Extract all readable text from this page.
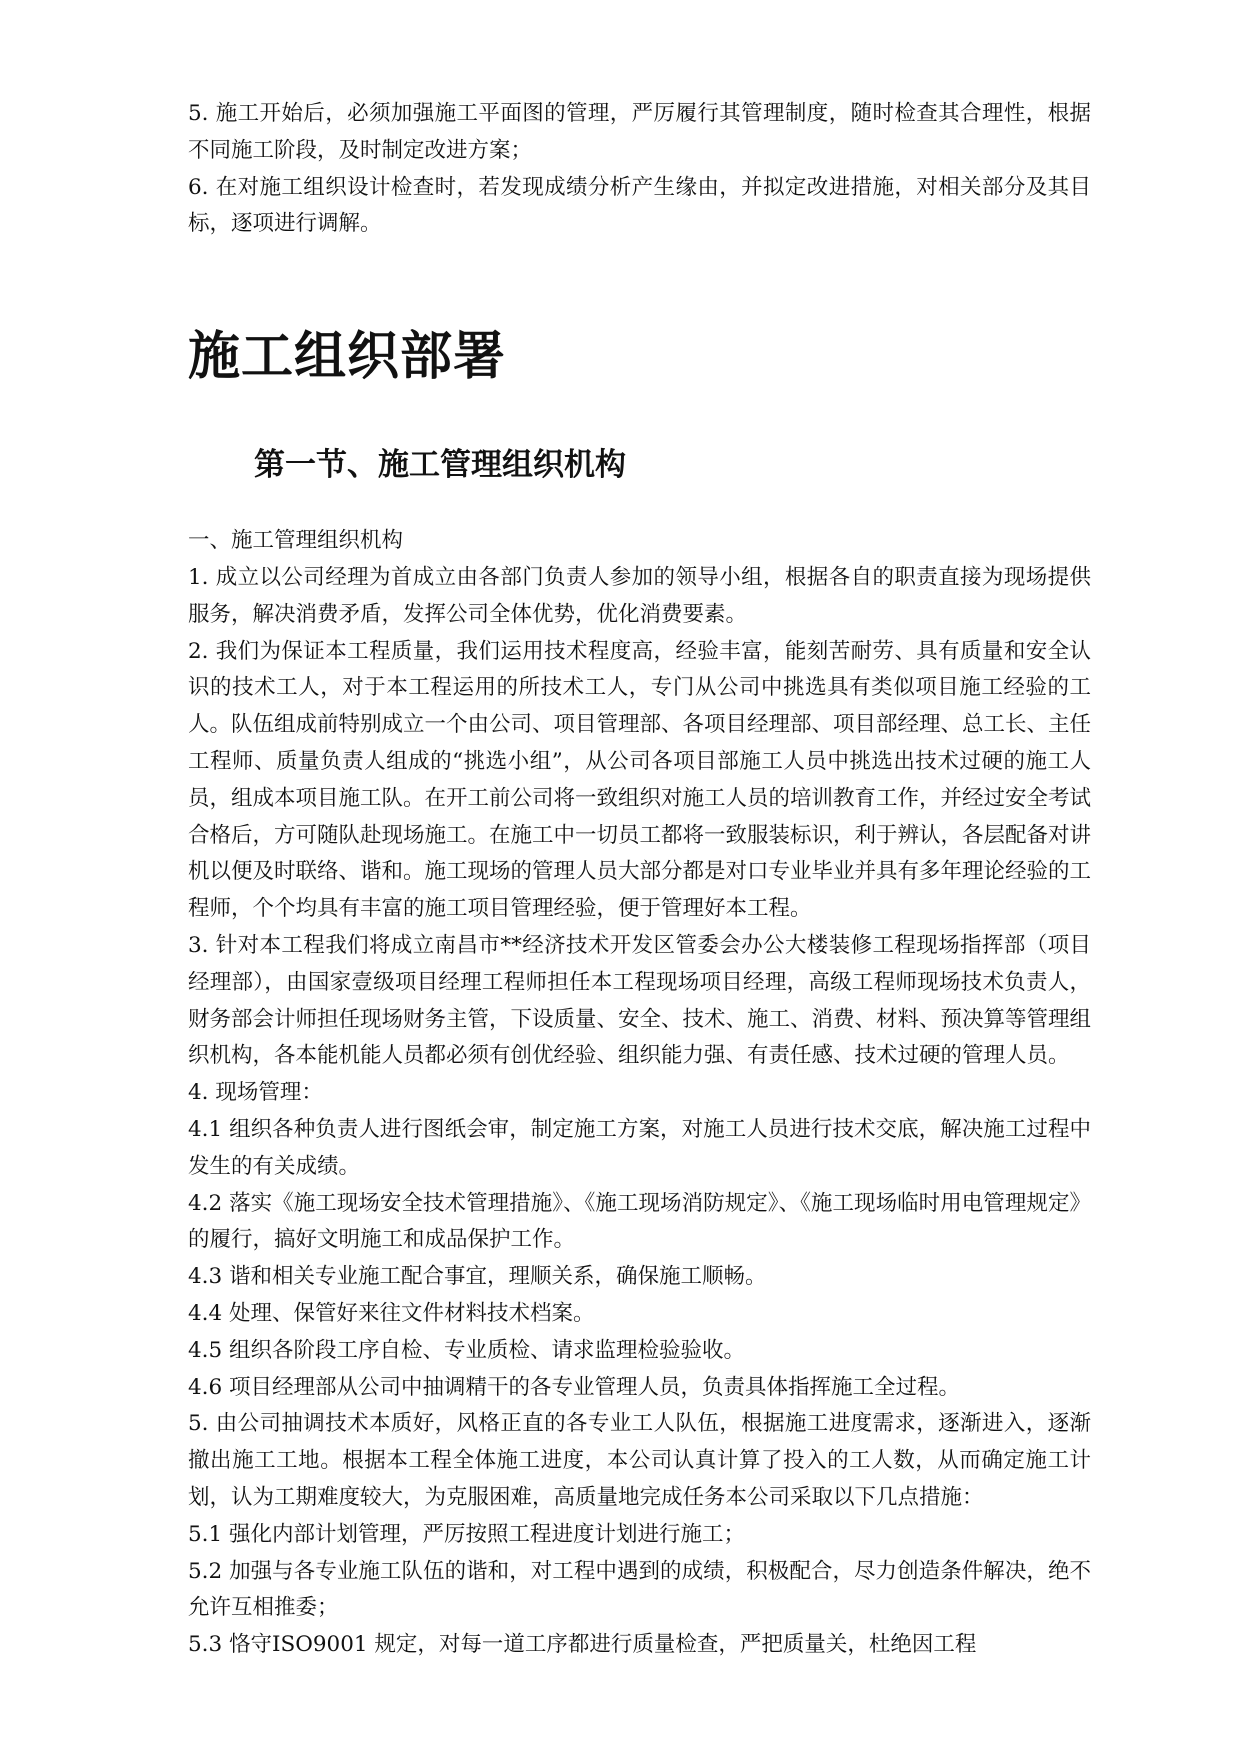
5. 施工开始后，必须加强施工平面图的管理，严厉履行其管理制度，随时检查其合理性，根据不同施工阶段，及时制定改进方案；

6. 在对施工组织设计检查时，若发现成绩分析产生缘由，并拟定改进措施，对相关部分及其目标，逐项进行调解。

施工组织部署
第一节、施工管理组织机构

一、施工管理组织机构

1. 成立以公司经理为首成立由各部门负责人参加的领导小组，根据各自的职责直接为现场提供服务，解决消费矛盾，发挥公司全体优势，优化消费要素。

2. 我们为保证本工程质量，我们运用技术程度高，经验丰富，能刻苦耐劳、具有质量和安全认识的技术工人，对于本工程运用的所技术工人，专门从公司中挑选具有类似项目施工经验的工人。队伍组成前特别成立一个由公司、项目管理部、各项目经理部、项目部经理、总工长、主任工程师、质量负责人组成的“挑选小组”，从公司各项目部施工人员中挑选出技术过硬的施工人员，组成本项目施工队。在开工前公司将一致组织对施工人员的培训教育工作，并经过安全考试合格后，方可随队赴现场施工。在施工中一切员工都将一致服装标识，利于辨认，各层配备对讲机以便及时联络、谐和。施工现场的管理人员大部分都是对口专业毕业并具有多年理论经验的工程师，个个均具有丰富的施工项目管理经验，便于管理好本工程。

3. 针对本工程我们将成立南昌市**经济技术开发区管委会办公大楼装修工程现场指挥部（项目经理部），由国家壹级项目经理工程师担任本工程现场项目经理，高级工程师现场技术负责人，财务部会计师担任现场财务主管，下设质量、安全、技术、施工、消费、材料、预决算等管理组织机构，各本能机能人员都必须有创优经验、组织能力强、有责任感、技术过硬的管理人员。

4. 现场管理：

4.1 组织各种负责人进行图纸会审，制定施工方案，对施工人员进行技术交底，解决施工过程中发生的有关成绩。

4.2 落实《施工现场安全技术管理措施》、《施工现场消防规定》、《施工现场临时用电管理规定》的履行，搞好文明施工和成品保护工作。

4.3 谐和相关专业施工配合事宜，理顺关系，确保施工顺畅。

4.4 处理、保管好来往文件材料技术档案。

4.5 组织各阶段工序自检、专业质检、请求监理检验验收。

4.6 项目经理部从公司中抽调精干的各专业管理人员，负责具体指挥施工全过程。

5. 由公司抽调技术本质好，风格正直的各专业工人队伍，根据施工进度需求，逐渐进入，逐渐撤出施工工地。根据本工程全体施工进度，本公司认真计算了投入的工人数，从而确定施工计划，认为工期难度较大，为克服困难，高质量地完成任务本公司采取以下几点措施：

5.1 强化内部计划管理，严厉按照工程进度计划进行施工；

5.2 加强与各专业施工队伍的谐和，对工程中遇到的成绩，积极配合，尽力创造条件解决，绝不允许互相推委；

5.3 恪守ISO9001 规定，对每一道工序都进行质量检查，严把质量关，杜绝因工程
